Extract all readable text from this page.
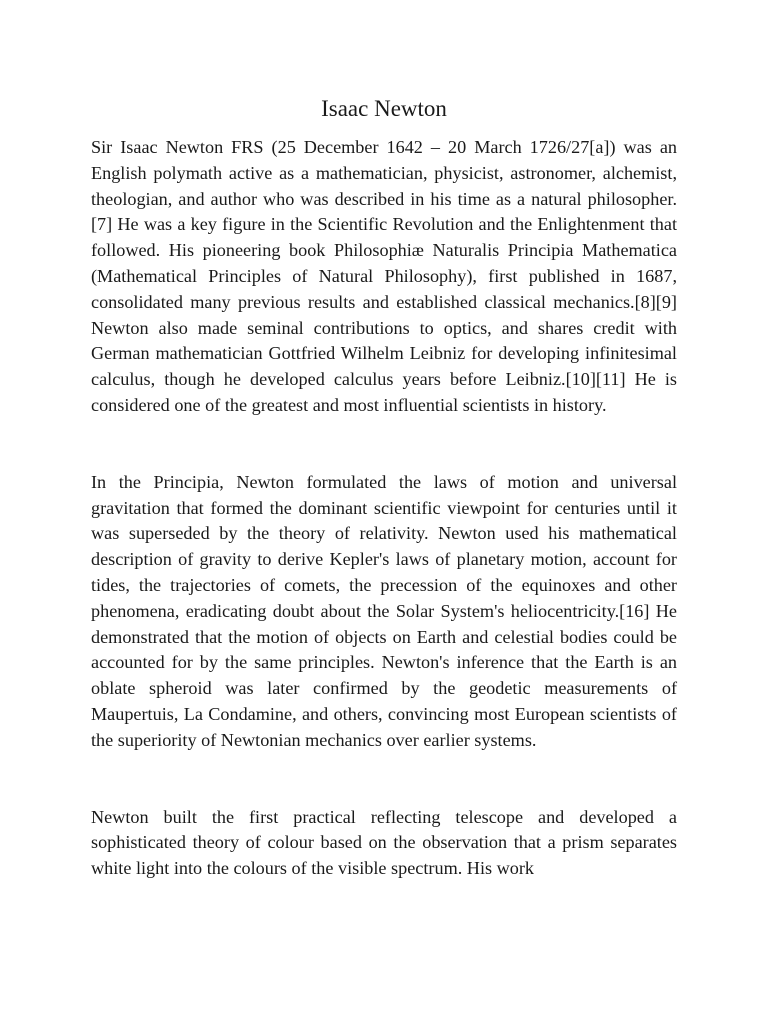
Isaac Newton

Sir Isaac Newton FRS (25 December 1642 – 20 March 1726/27[a]) was an English polymath active as a mathematician, physicist, astronomer, alchemist, theologian, and author who was described in his time as a natural philosopher.[7] He was a key figure in the Scientific Revolution and the Enlightenment that followed. His pioneering book Philosophiæ Naturalis Principia Mathematica (Mathematical Principles of Natural Philosophy), first published in 1687, consolidated many previous results and established classical mechanics.[8][9] Newton also made seminal contributions to optics, and shares credit with German mathematician Gottfried Wilhelm Leibniz for developing infinitesimal calculus, though he developed calculus years before Leibniz.[10][11] He is considered one of the greatest and most influential scientists in history.

In the Principia, Newton formulated the laws of motion and universal gravitation that formed the dominant scientific viewpoint for centuries until it was superseded by the theory of relativity. Newton used his mathematical description of gravity to derive Kepler's laws of planetary motion, account for tides, the trajectories of comets, the precession of the equinoxes and other phenomena, eradicating doubt about the Solar System's heliocentricity.[16] He demonstrated that the motion of objects on Earth and celestial bodies could be accounted for by the same principles. Newton's inference that the Earth is an oblate spheroid was later confirmed by the geodetic measurements of Maupertuis, La Condamine, and others, convincing most European scientists of the superiority of Newtonian mechanics over earlier systems.

Newton built the first practical reflecting telescope and developed a sophisticated theory of colour based on the observation that a prism separates white light into the colours of the visible spectrum. His work
